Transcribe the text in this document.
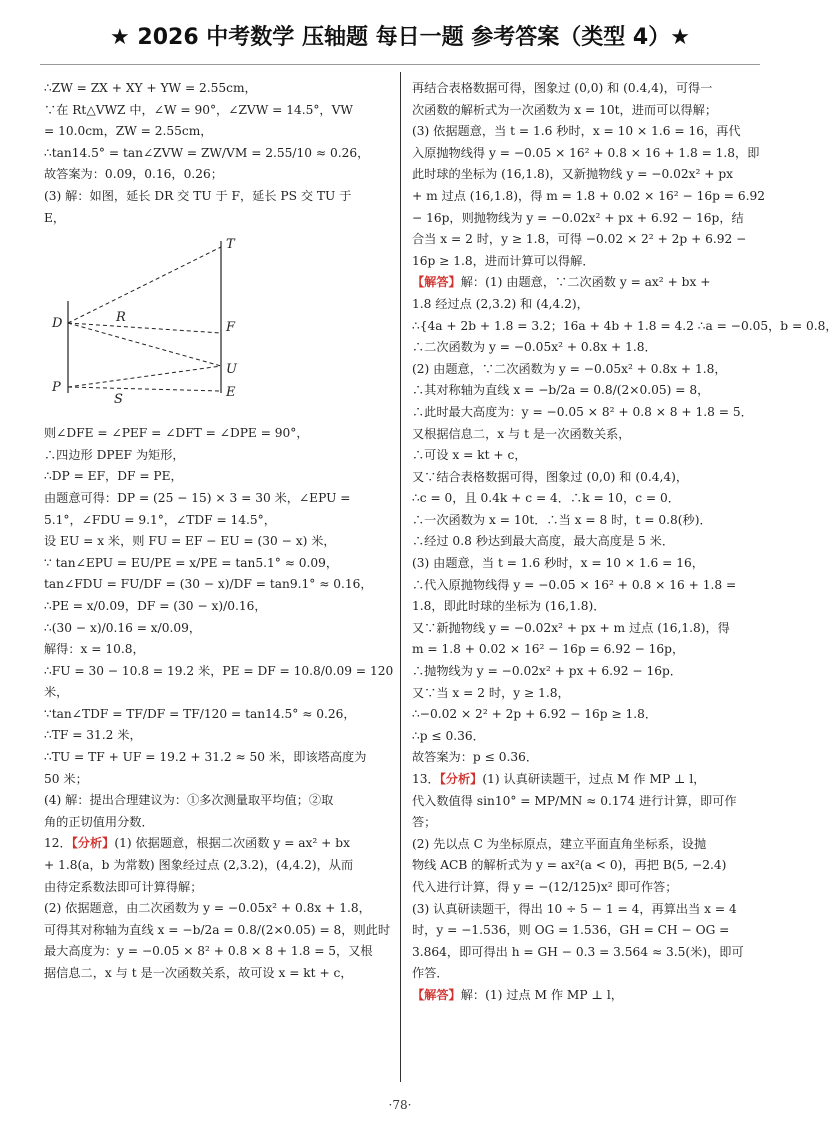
★ 2026 中考数学 压轴题 每日一题 参考答案（类型 4）★
∴ZW = ZX + XY + YW = 2.55cm，
∵在 Rt△VWZ 中，∠W = 90°，∠ZVW = 14.5°，VW
= 10.0cm，ZW = 2.55cm，
∴tan14.5° = tan∠ZVW = ZW/VM = 2.55/10 ≈ 0.26，
故答案为：0.09，0.16，0.26；
(3) 解：如图，延长 DR 交 TU 于 F，延长 PS 交 TU 于
E，
T
D	R
F
U
P
S	E
则∠DFE = ∠PEF = ∠DFT = ∠DPE = 90°，
∴四边形 DPEF 为矩形，
∴DP = EF，DF = PE，
由题意可得：DP = (25 − 15) × 3 = 30 米，∠EPU =
5.1°，∠FDU = 9.1°，∠TDF = 14.5°，
设 EU = x 米，则 FU = EF − EU = (30 − x) 米，
∵ tan∠EPU = EU/PE = x/PE = tan5.1° ≈ 0.09，
tan∠FDU = FU/DF = (30 − x)/DF = tan9.1° ≈ 0.16，
∴PE = x/0.09，DF = (30 − x)/0.16，
∴(30 − x)/0.16 = x/0.09，
解得：x = 10.8，
∴FU = 30 − 10.8 = 19.2 米，PE = DF = 10.8/0.09 = 120
米，
∵tan∠TDF = TF/DF = TF/120 = tan14.5° ≈ 0.26，
∴TF = 31.2 米，
∴TU = TF + UF = 19.2 + 31.2 ≈ 50 米，即该塔高度为
50 米；
(4) 解：提出合理建议为：①多次测量取平均值；②取
角的正切值用分数．
12．【分析】(1) 依据题意，根据二次函数 y = ax² + bx
+ 1.8(a，b 为常数) 图象经过点 (2,3.2)，(4,4.2)，从而
由待定系数法即可计算得解；
(2) 依据题意，由二次函数为 y = −0.05x² + 0.8x + 1.8，
可得其对称轴为直线 x = −b/2a = 0.8/(2×0.05) = 8，则此时
最大高度为：y = −0.05 × 8² + 0.8 × 8 + 1.8 = 5，又根
据信息二，x 与 t 是一次函数关系，故可设 x = kt + c，
再结合表格数据可得，图象过 (0,0) 和 (0.4,4)，可得一
次函数的解析式为一次函数为 x = 10t，进而可以得解；
(3) 依据题意，当 t = 1.6 秒时，x = 10 × 1.6 = 16，再代
入原抛物线得 y = −0.05 × 16² + 0.8 × 16 + 1.8 = 1.8，即
此时球的坐标为 (16,1.8)，又新抛物线 y = −0.02x² + px
+ m 过点 (16,1.8)，得 m = 1.8 + 0.02 × 16² − 16p = 6.92
− 16p，则抛物线为 y = −0.02x² + px + 6.92 − 16p，结
合当 x = 2 时，y ≥ 1.8，可得 −0.02 × 2² + 2p + 6.92 −
16p ≥ 1.8，进而计算可以得解．
【解答】解：(1) 由题意，∵二次函数 y = ax² + bx +
1.8 经过点 (2,3.2) 和 (4,4.2)，
∴{4a + 2b + 1.8 = 3.2；16a + 4b + 1.8 = 4.2 ∴a = −0.05，b = 0.8，
∴二次函数为 y = −0.05x² + 0.8x + 1.8．
(2) 由题意，∵二次函数为 y = −0.05x² + 0.8x + 1.8，
∴其对称轴为直线 x = −b/2a = 0.8/(2×0.05) = 8，
∴此时最大高度为：y = −0.05 × 8² + 0.8 × 8 + 1.8 = 5．
又根据信息二，x 与 t 是一次函数关系，
∴可设 x = kt + c，
又∵结合表格数据可得，图象过 (0,0) 和 (0.4,4)，
∴c = 0，且 0.4k + c = 4．∴k = 10，c = 0．
∴一次函数为 x = 10t．∴当 x = 8 时，t = 0.8(秒)．
∴经过 0.8 秒达到最大高度，最大高度是 5 米．
(3) 由题意，当 t = 1.6 秒时，x = 10 × 1.6 = 16，
∴代入原抛物线得 y = −0.05 × 16² + 0.8 × 16 + 1.8 =
1.8，即此时球的坐标为 (16,1.8)．
又∵新抛物线 y = −0.02x² + px + m 过点 (16,1.8)，得
m = 1.8 + 0.02 × 16² − 16p = 6.92 − 16p，
∴抛物线为 y = −0.02x² + px + 6.92 − 16p．
又∵当 x = 2 时，y ≥ 1.8，
∴−0.02 × 2² + 2p + 6.92 − 16p ≥ 1.8．
∴p ≤ 0.36．
故答案为：p ≤ 0.36．
13．【分析】(1) 认真研读题干，过点 M 作 MP ⊥ l，
代入数值得 sin10° = MP/MN ≈ 0.174 进行计算，即可作
答；
(2) 先以点 C 为坐标原点，建立平面直角坐标系，设抛
物线 ACB 的解析式为 y = ax²(a < 0)，再把 B(5, −2.4)
代入进行计算，得 y = −(12/125)x² 即可作答；
(3) 认真研读题干，得出 10 ÷ 5 − 1 = 4，再算出当 x = 4
时，y = −1.536，则 OG = 1.536，GH = CH − OG =
3.864，即可得出 h = GH − 0.3 = 3.564 ≈ 3.5(米)，即可
作答．
【解答】解：(1) 过点 M 作 MP ⊥ l，
·78·
